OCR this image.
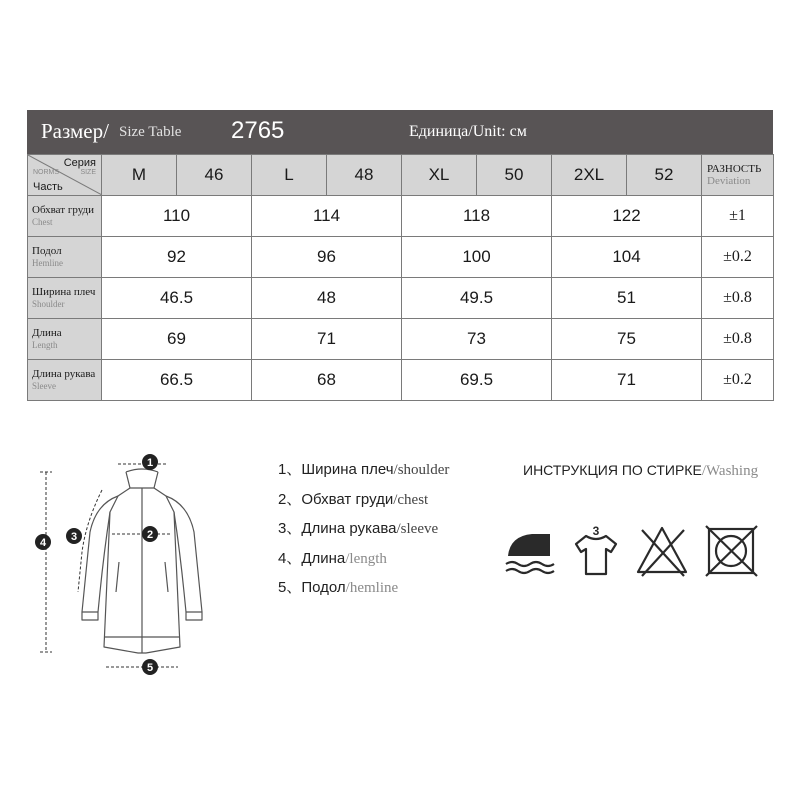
Размер/ Size Table 2765	Единица/Unit: см
Серия
NORMS SIZE
Часть	M	46	L	48	XL	50	2XL	52	РАЗНОСТЬ
Deviation

Обхват груди
Chest	110		114		118		122		±1

Подол
Hemline	92		96		100		104		±0.2

Ширина плеч
Shoulder	46.5		48		49.5		51		±0.8

Длина
Length	69		71		73		75		±0.8

Длина рукава
Sleeve	66.5		68		69.5		71		±0.2
1
2
3
4
5
1、Ширина плеч/shoulder
2、Обхват груди/chest
3、Длина рукава/sleeve
4、Длина/length
5、Подол/hemline
ИНСТРУКЦИЯ ПО СТИРКЕ/Washing
3
